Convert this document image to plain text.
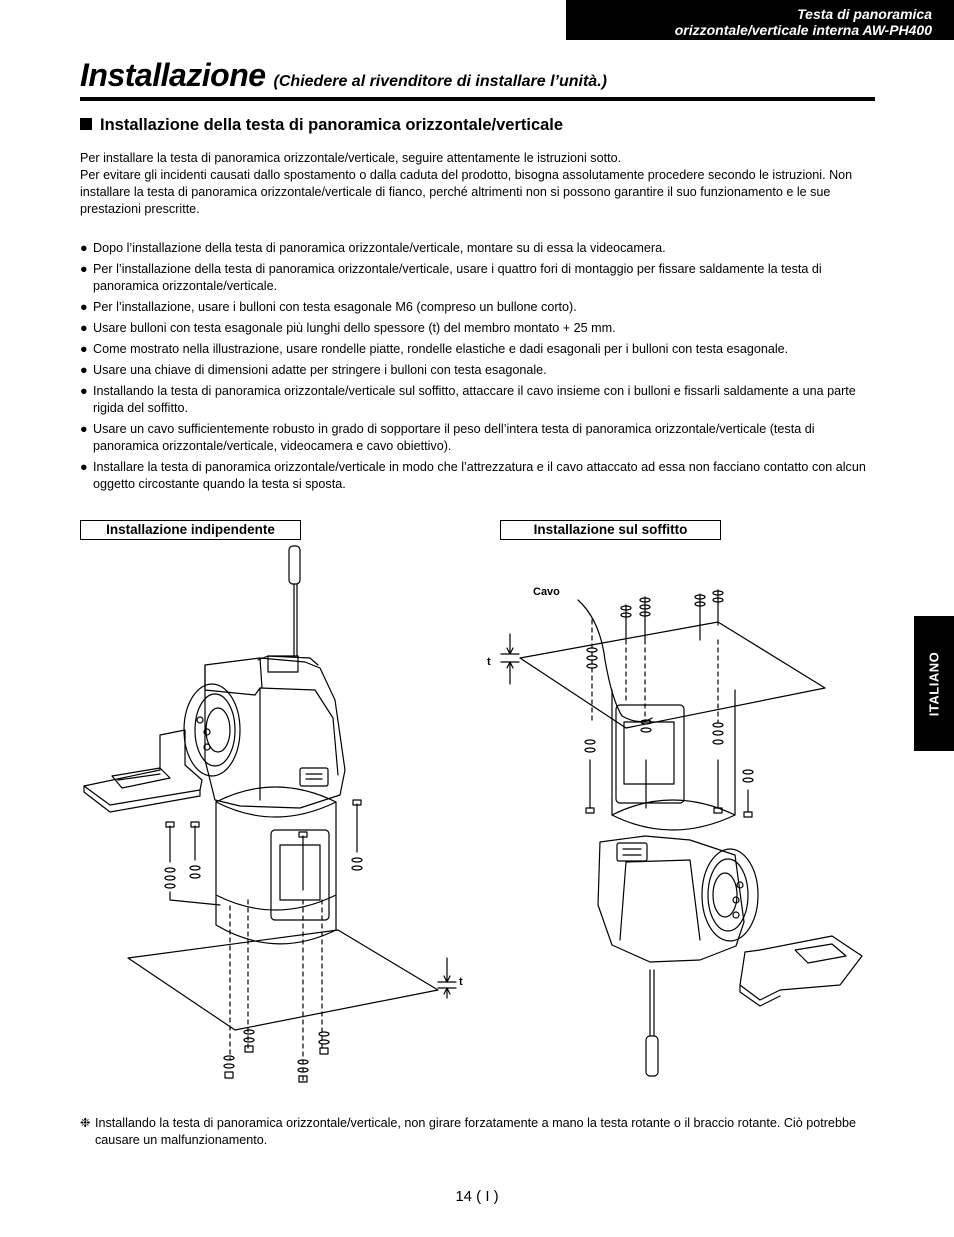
Testa di panoramica
orizzontale/verticale interna AW-PH400
Installazione (Chiedere al rivenditore di installare l’unità.)
Installazione della testa di panoramica orizzontale/verticale

Per installare la testa di panoramica orizzontale/verticale, seguire attentamente le istruzioni sotto.

Per evitare gli incidenti causati dallo spostamento o dalla caduta del prodotto, bisogna assolutamente procedere secondo le istruzioni. Non installare la testa di panoramica orizzontale/verticale di fianco, perché altrimenti non si possono garantire il suo funzionamento e le sue prestazioni prescritte.

● Dopo l’installazione della testa di panoramica orizzontale/verticale, montare su di essa la videocamera.
● Per l’installazione della testa di panoramica orizzontale/verticale, usare i quattro fori di montaggio per fissare saldamente la testa di panoramica orizzontale/verticale.
● Per l’installazione, usare i bulloni con testa esagonale M6 (compreso un bullone corto).
● Usare bulloni con testa esagonale più lunghi dello spessore (t) del membro montato + 25 mm.
● Come mostrato nella illustrazione, usare rondelle piatte, rondelle elastiche e dadi esagonali per i bulloni con testa esagonale.
● Usare una chiave di dimensioni adatte per stringere i bulloni con testa esagonale.
● Installando la testa di panoramica orizzontale/verticale sul soffitto, attaccare il cavo insieme con i bulloni e fissarli saldamente a una parte rigida del soffitto.
● Usare un cavo sufficientemente robusto in grado di sopportare il peso dell’intera testa di panoramica orizzontale/verticale (testa di panoramica orizzontale/verticale, videocamera e cavo obiettivo).
● Installare la testa di panoramica orizzontale/verticale in modo che l’attrezzatura e il cavo attaccato ad essa non facciano contatto con alcun oggetto circostante quando la testa si sposta.
Installazione indipendente	Installazione sul soffitto
Cavo
t
t
ITALIANO
❉ Installando la testa di panoramica orizzontale/verticale, non girare forzatamente a mano la testa rotante o il braccio rotante. Ciò potrebbe causare un malfunzionamento.
14 ( I )
